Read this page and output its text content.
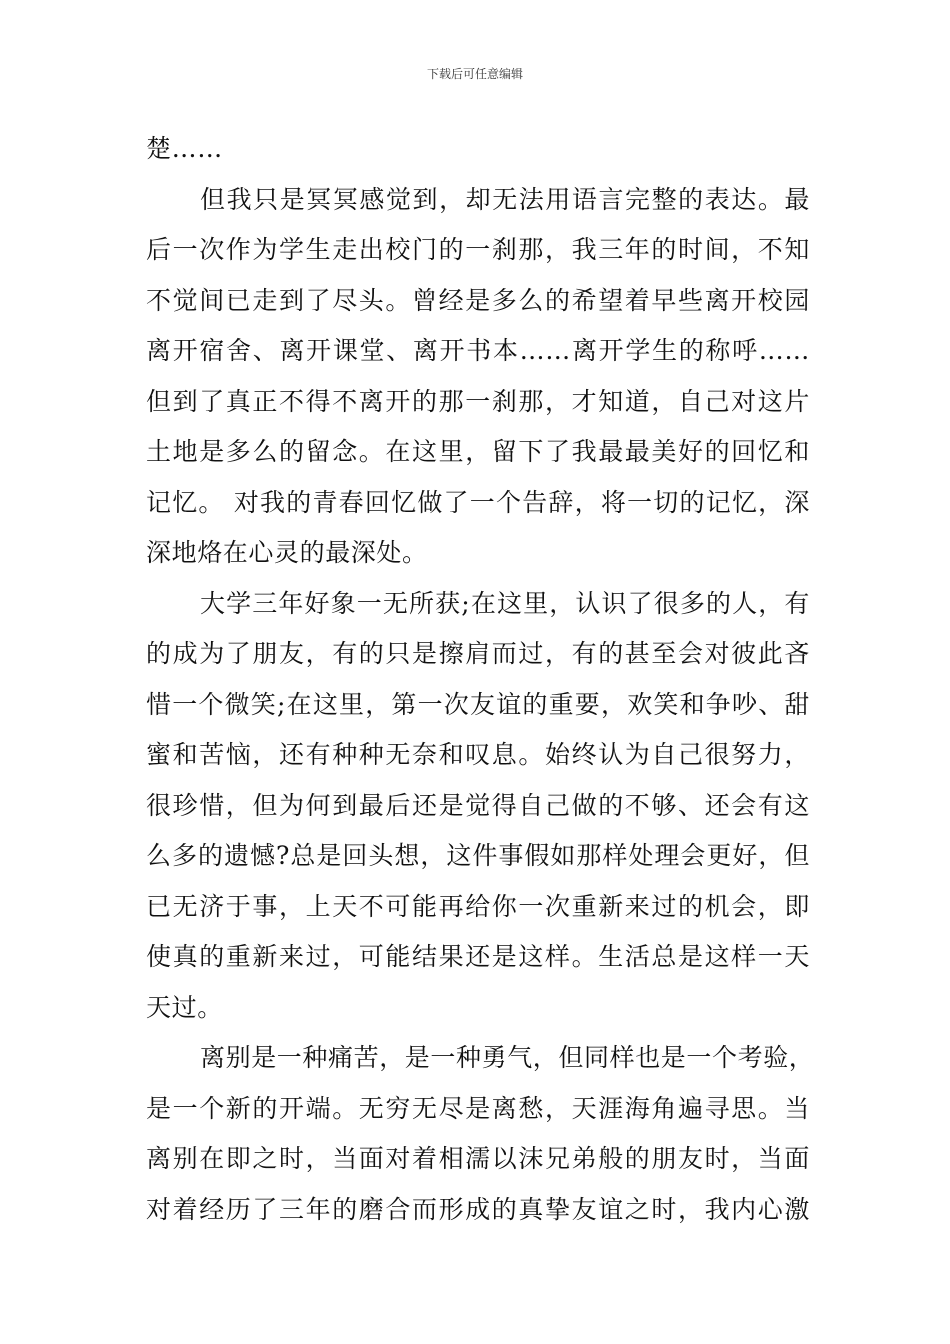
下载后可任意编辑
楚……
但我只是冥冥感觉到，却无法用语言完整的表达。最
后一次作为学生走出校门的一刹那，我三年的时间，不知
不觉间已走到了尽头。曾经是多么的希望着早些离开校园
离开宿舍、离开课堂、离开书本……离开学生的称呼……
但到了真正不得不离开的那一刹那，才知道，自己对这片
土地是多么的留念。在这里，留下了我最最美好的回忆和
记忆。 对我的青春回忆做了一个告辞，将一切的记忆，深
深地烙在心灵的最深处。
大学三年好象一无所获;在这里，认识了很多的人，有
的成为了朋友，有的只是擦肩而过，有的甚至会对彼此吝
惜一个微笑;在这里，第一次友谊的重要，欢笑和争吵、甜
蜜和苦恼，还有种种无奈和叹息。始终认为自己很努力，
很珍惜，但为何到最后还是觉得自己做的不够、还会有这
么多的遗憾?总是回头想，这件事假如那样处理会更好，但
已无济于事，上天不可能再给你一次重新来过的机会，即
使真的重新来过，可能结果还是这样。生活总是这样一天
天过。
离别是一种痛苦，是一种勇气，但同样也是一个考验，
是一个新的开端。无穷无尽是离愁，天涯海角遍寻思。当
离别在即之时，当面对着相濡以沫兄弟般的朋友时，当面
对着经历了三年的磨合而形成的真挚友谊之时，我内心激
